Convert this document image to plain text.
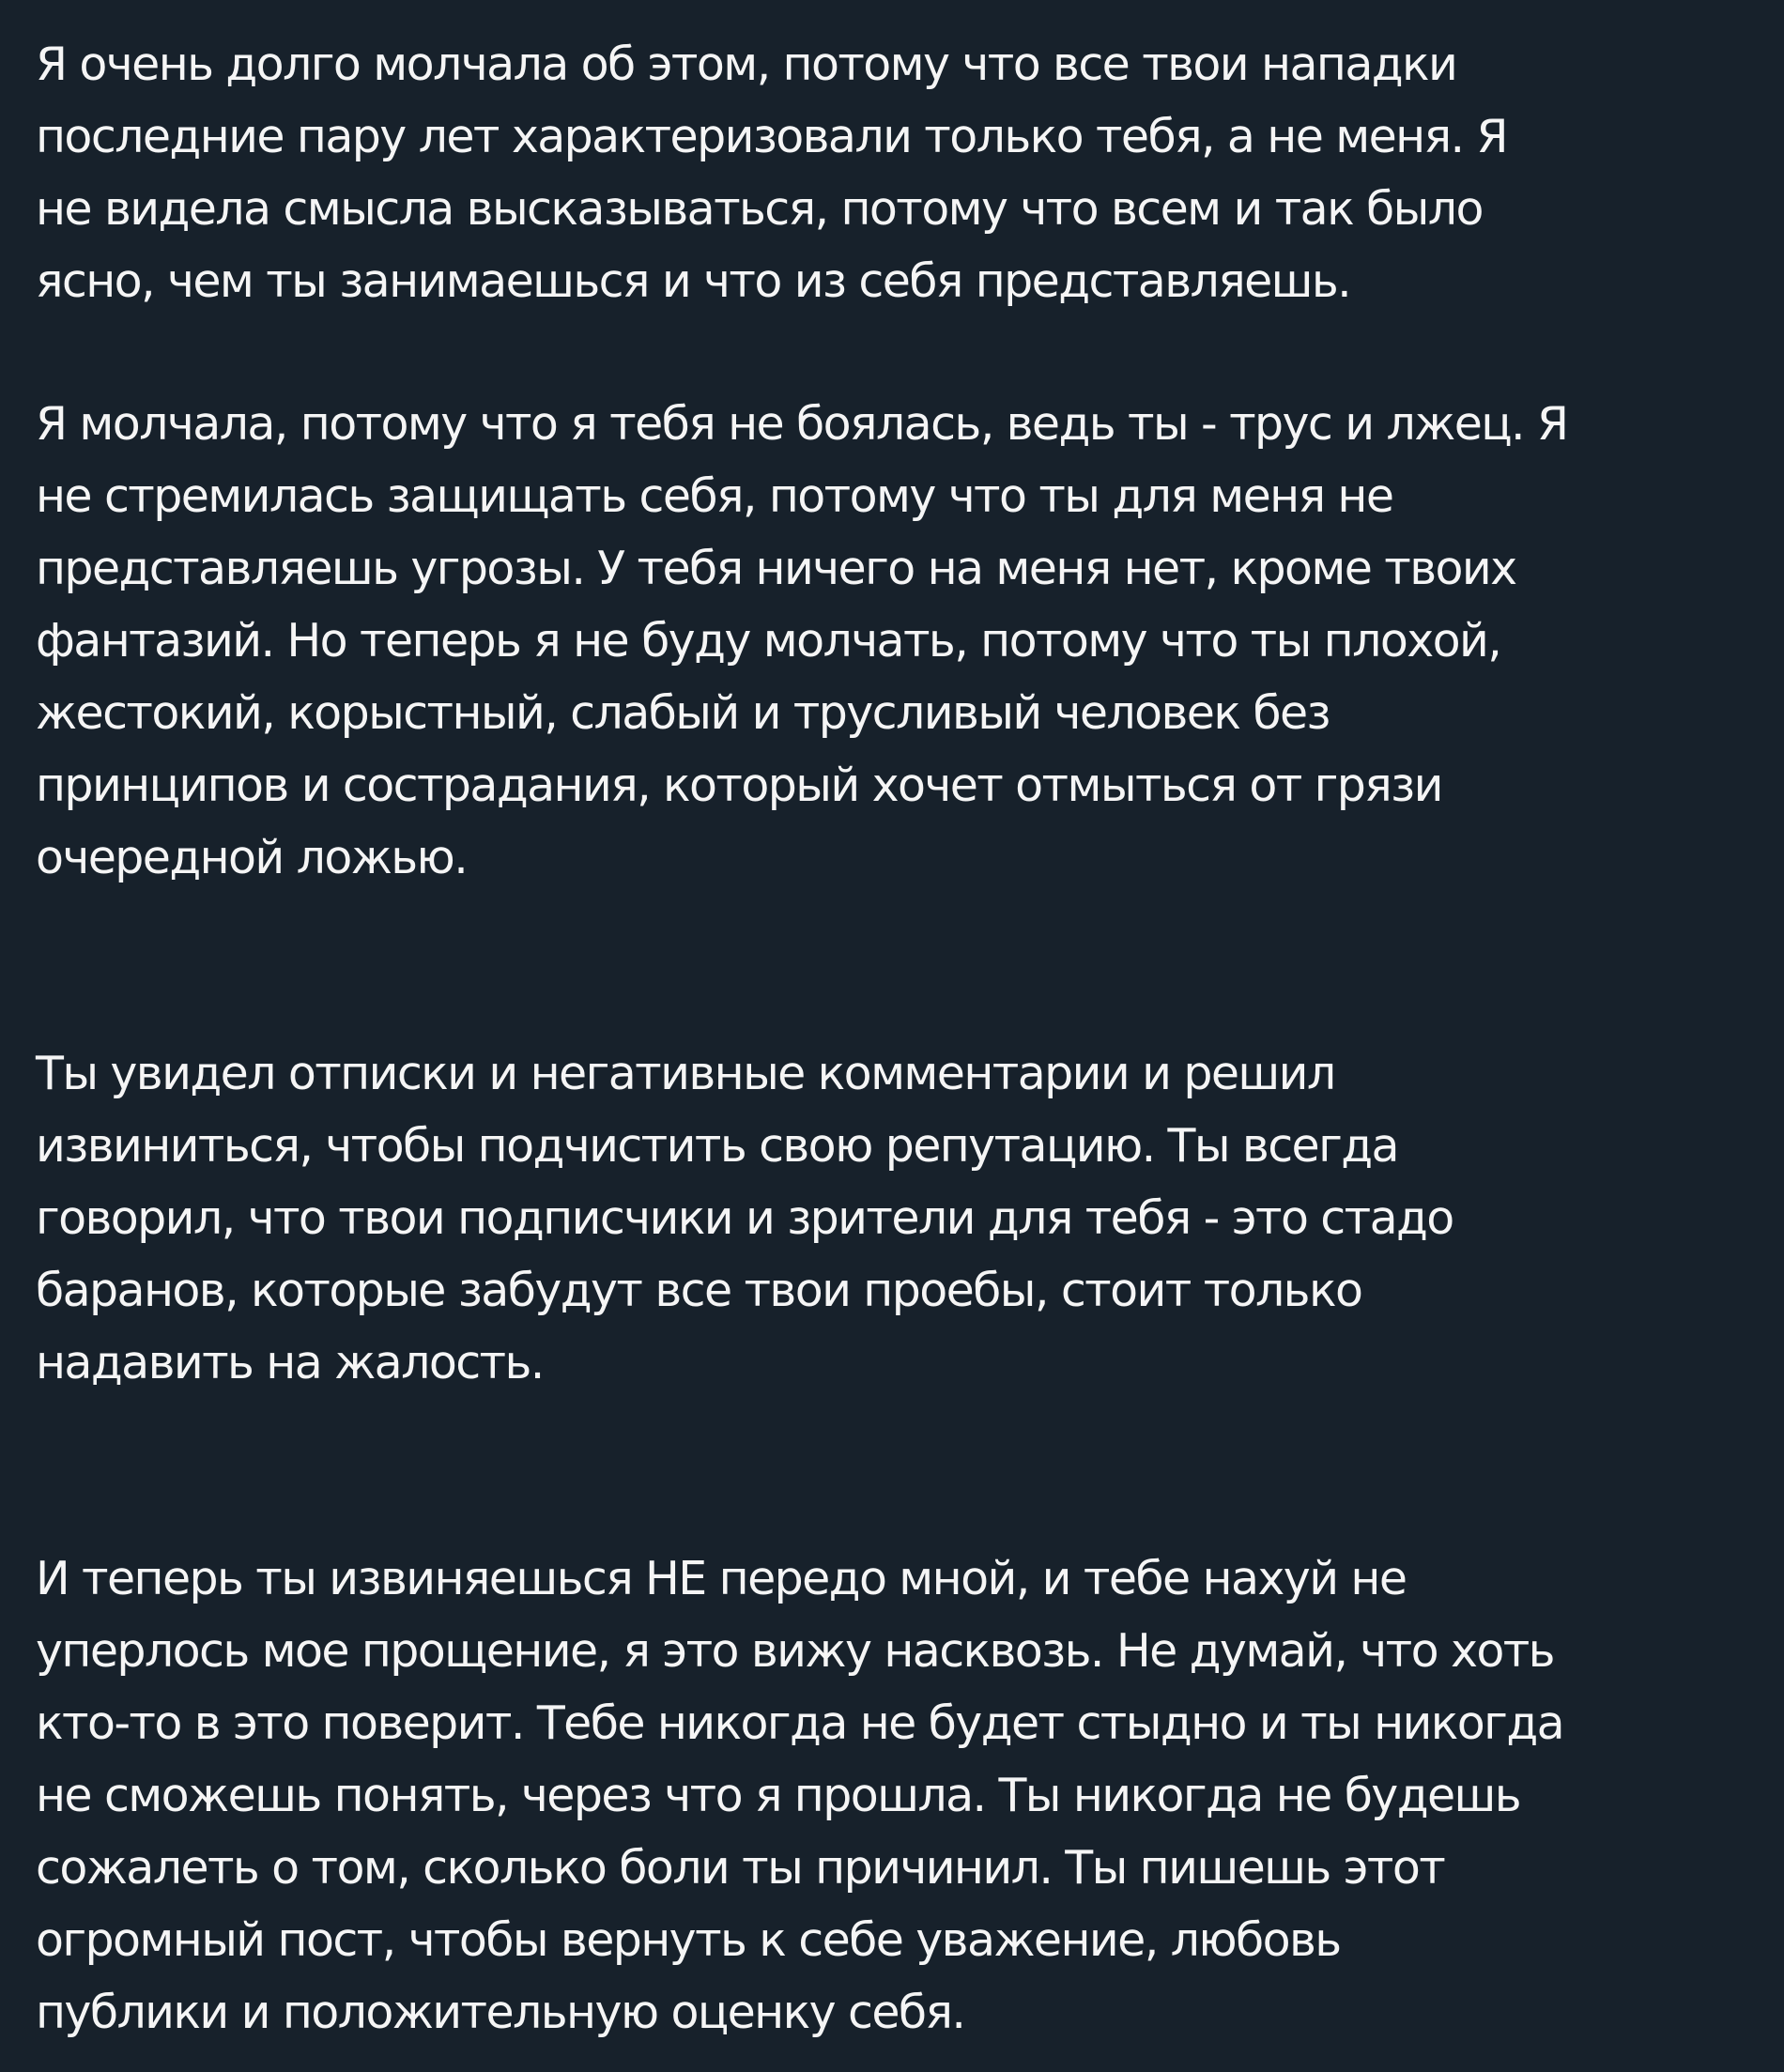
Я очень долго молчала об этом, потому что все твои нападки
последние пару лет характеризовали только тебя, а не меня. Я
не видела смысла высказываться, потому что всем и так было
ясно, чем ты занимаешься и что из себя представляешь.
Я молчала, потому что я тебя не боялась, ведь ты - трус и лжец. Я
не стремилась защищать себя, потому что ты для меня не
представляешь угрозы. У тебя ничего на меня нет, кроме твоих
фантазий. Но теперь я не буду молчать, потому что ты плохой,
жестокий, корыстный, слабый и трусливый человек без
принципов и сострадания, который хочет отмыться от грязи
очередной ложью.
Ты увидел отписки и негативные комментарии и решил
извиниться, чтобы подчистить свою репутацию. Ты всегда
говорил, что твои подписчики и зрители для тебя - это стадо
баранов, которые забудут все твои проебы, стоит только
надавить на жалость.
И теперь ты извиняешься НЕ передо мной, и тебе нахуй не
уперлось мое прощение, я это вижу насквозь. Не думай, что хоть
кто-то в это поверит. Тебе никогда не будет стыдно и ты никогда
не сможешь понять, через что я прошла. Ты никогда не будешь
сожалеть о том, сколько боли ты причинил. Ты пишешь этот
огромный пост, чтобы вернуть к себе уважение, любовь
публики и положительную оценку себя.
